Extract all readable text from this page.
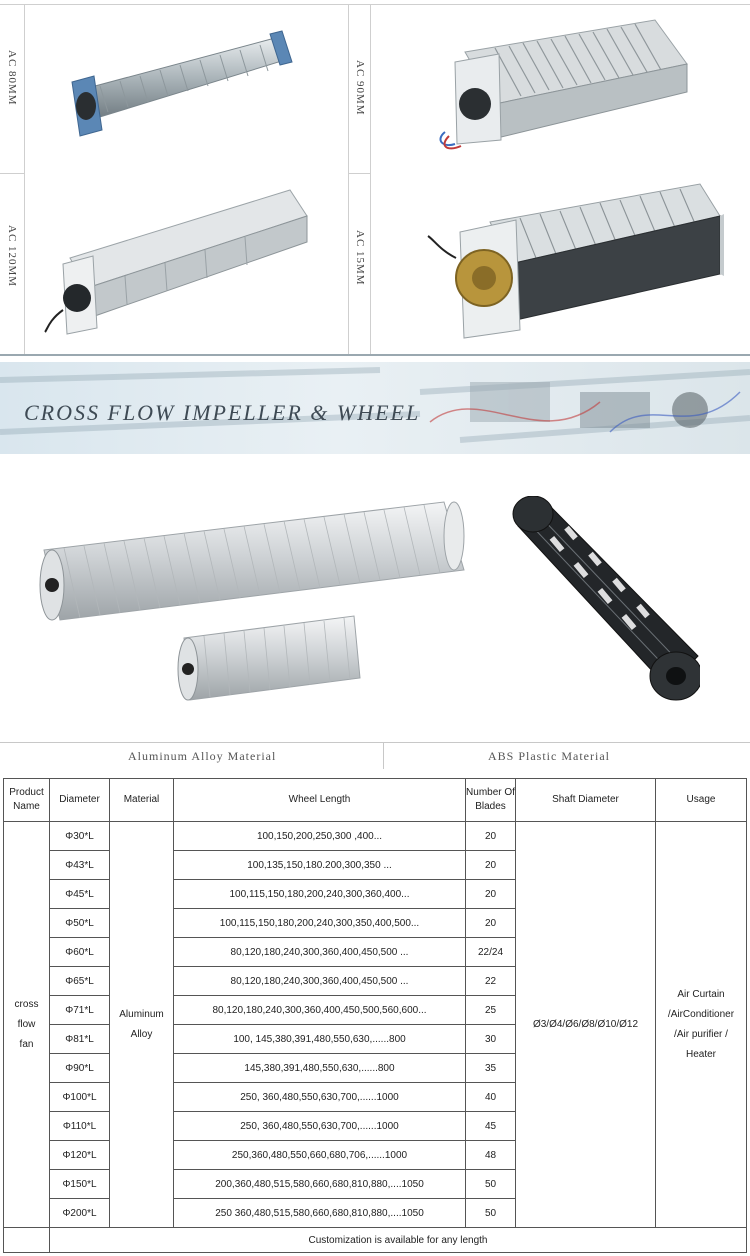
AC 80MM
AC 120MM
AC 90MM
AC 15MM
CROSS FLOW IMPELLER & WHEEL
Aluminum Alloy Material	ABS Plastic Material
Product Name	Diameter	Material	Wheel Length	Number Of Blades	Shaft Diameter	Usage
cross flow fan	Φ30*L	Aluminum Alloy	100,150,200,250,300 ,400...	20	Ø3/Ø4/Ø6/Ø8/Ø10/Ø12	Air Curtain /AirConditioner /Air purifier / Heater
	Φ43*L		100,135,150,180.200,300,350 ...	20		
	Φ45*L		100,115,150,180,200,240,300,360,400...	20		
	Φ50*L		100,115,150,180,200,240,300,350,400,500...	20		
	Φ60*L		80,120,180,240,300,360,400,450,500 ...	22/24		
	Φ65*L		80,120,180,240,300,360,400,450,500 ...	22		
	Φ71*L		80,120,180,240,300,360,400,450,500,560,600...	25		
	Φ81*L		100, 145,380,391,480,550,630,......800	30		
	Φ90*L		145,380,391,480,550,630,......800	35		
	Φ100*L		250, 360,480,550,630,700,......1000	40		
	Φ110*L		250, 360,480,550,630,700,......1000	45		
	Φ120*L		250,360,480,550,660,680,706,......1000	48		
	Φ150*L		200,360,480,515,580,660,680,810,880,....1050	50		
	Φ200*L		250 360,480,515,580,660,680,810,880,....1050	50		
	Customization is available for any length					
